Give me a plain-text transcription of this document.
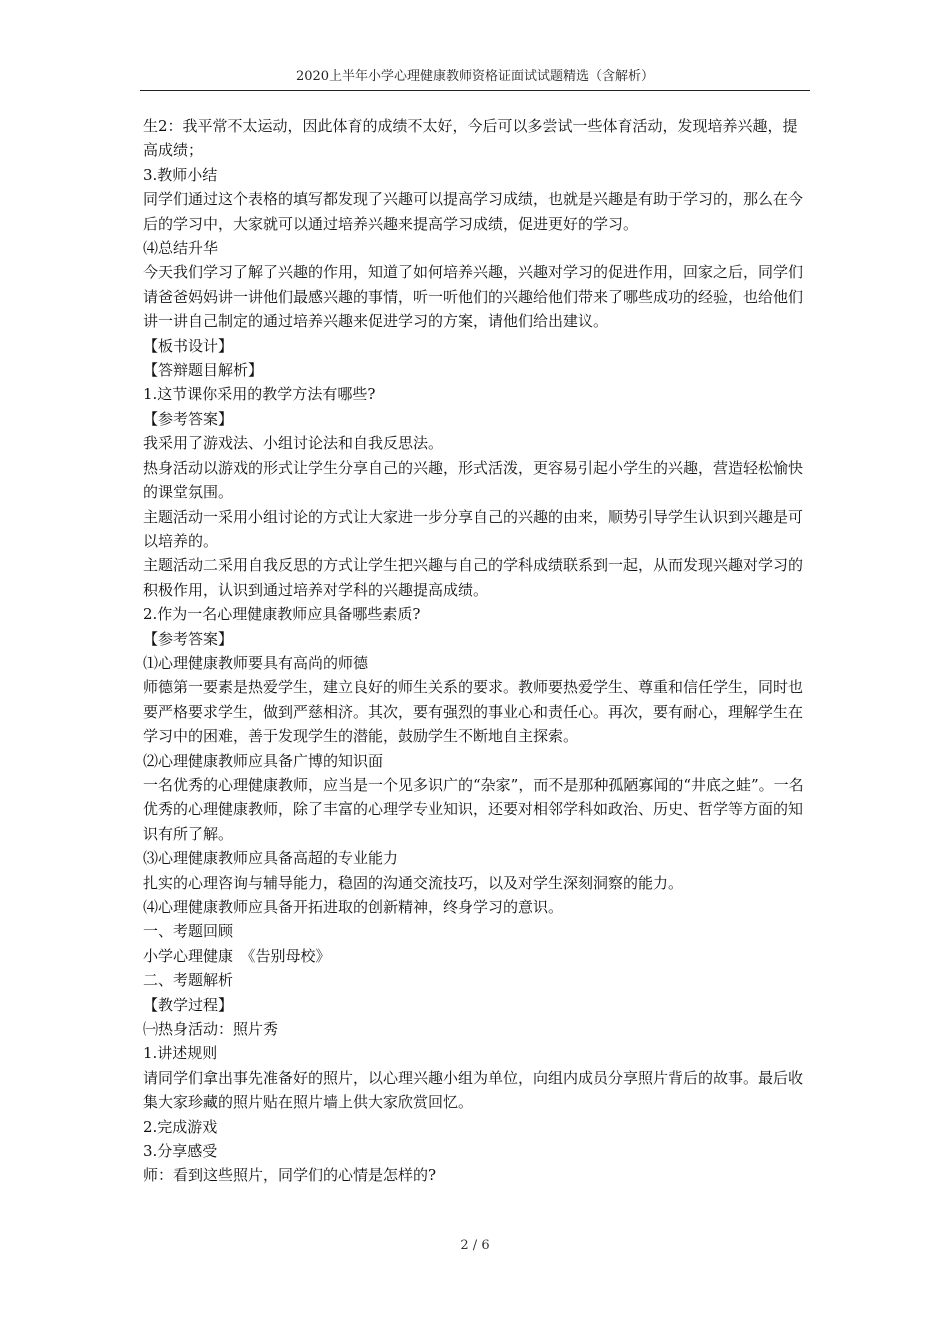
2020上半年小学心理健康教师资格证面试试题精选（含解析）

生2：我平常不太运动，因此体育的成绩不太好，今后可以多尝试一些体育活动，发现培养兴趣，提高成绩；

3.教师小结

同学们通过这个表格的填写都发现了兴趣可以提高学习成绩，也就是兴趣是有助于学习的，那么在今后的学习中，大家就可以通过培养兴趣来提高学习成绩，促进更好的学习。

⑷总结升华

今天我们学习了解了兴趣的作用，知道了如何培养兴趣，兴趣对学习的促进作用，回家之后，同学们请爸爸妈妈讲一讲他们最感兴趣的事情，听一听他们的兴趣给他们带来了哪些成功的经验，也给他们讲一讲自己制定的通过培养兴趣来促进学习的方案，请他们给出建议。

【板书设计】

【答辩题目解析】

1.这节课你采用的教学方法有哪些?

【参考答案】

我采用了游戏法、小组讨论法和自我反思法。

热身活动以游戏的形式让学生分享自己的兴趣，形式活泼，更容易引起小学生的兴趣，营造轻松愉快的课堂氛围。

主题活动一采用小组讨论的方式让大家进一步分享自己的兴趣的由来，顺势引导学生认识到兴趣是可以培养的。

主题活动二采用自我反思的方式让学生把兴趣与自己的学科成绩联系到一起，从而发现兴趣对学习的积极作用，认识到通过培养对学科的兴趣提高成绩。

2.作为一名心理健康教师应具备哪些素质?

【参考答案】

⑴心理健康教师要具有高尚的师德

师德第一要素是热爱学生，建立良好的师生关系的要求。教师要热爱学生、尊重和信任学生，同时也要严格要求学生，做到严慈相济。其次，要有强烈的事业心和责任心。再次，要有耐心，理解学生在学习中的困难，善于发现学生的潜能，鼓励学生不断地自主探索。

⑵心理健康教师应具备广博的知识面

一名优秀的心理健康教师，应当是一个见多识广的“杂家”，而不是那种孤陋寡闻的“井底之蛙”。一名优秀的心理健康教师，除了丰富的心理学专业知识，还要对相邻学科如政治、历史、哲学等方面的知识有所了解。

⑶心理健康教师应具备高超的专业能力

扎实的心理咨询与辅导能力，稳固的沟通交流技巧，以及对学生深刻洞察的能力。

⑷心理健康教师应具备开拓进取的创新精神，终身学习的意识。

一、考题回顾

小学心理健康　《告别母校》

二、考题解析

【教学过程】

㈠热身活动：照片秀

1.讲述规则

请同学们拿出事先准备好的照片，以心理兴趣小组为单位，向组内成员分享照片背后的故事。最后收集大家珍藏的照片贴在照片墙上供大家欣赏回忆。

2.完成游戏

3.分享感受

师：看到这些照片，同学们的心情是怎样的?

2 / 6
